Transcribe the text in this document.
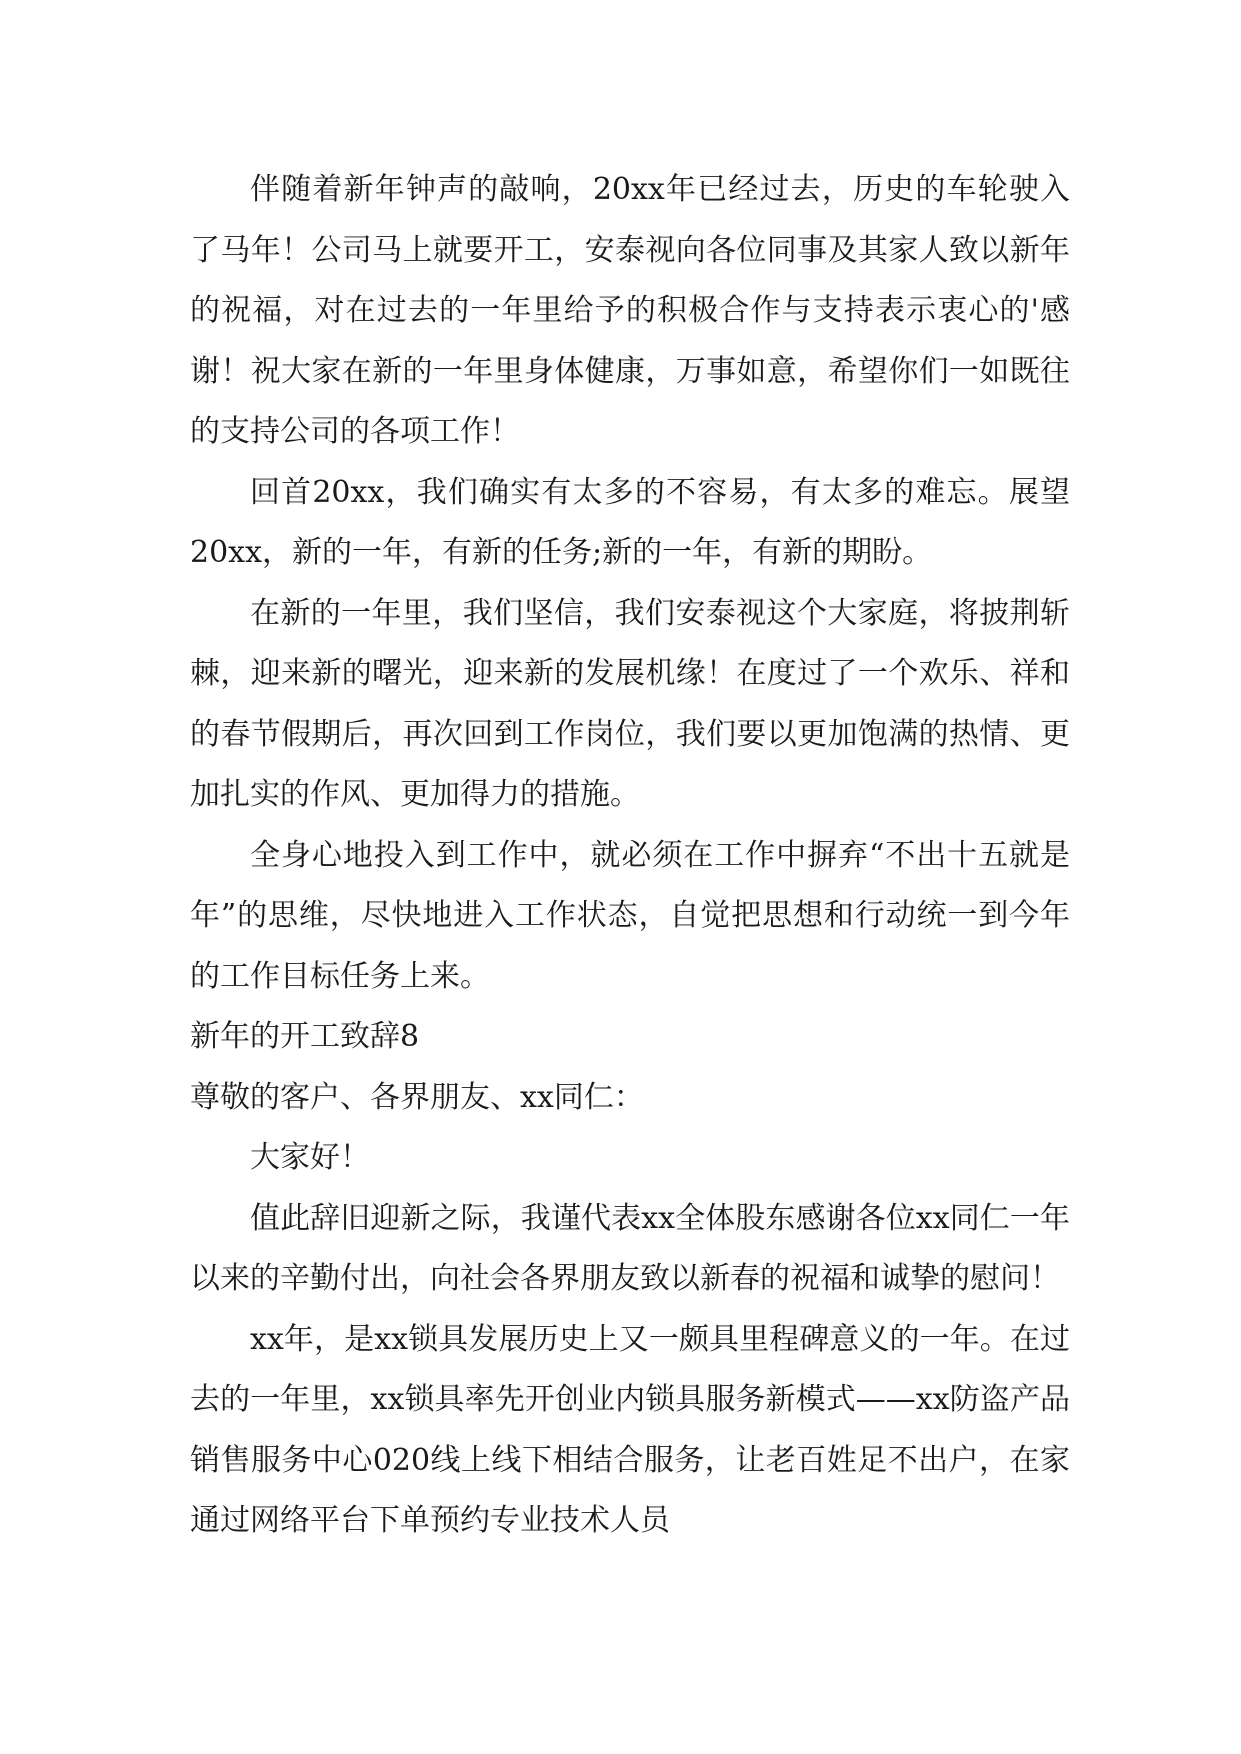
伴随着新年钟声的敲响，20xx年已经过去，历史的车轮驶入了马年！公司马上就要开工，安泰视向各位同事及其家人致以新年的祝福，对在过去的一年里给予的积极合作与支持表示衷心的'感谢！祝大家在新的一年里身体健康，万事如意，希望你们一如既往的支持公司的各项工作！

回首20xx，我们确实有太多的不容易，有太多的难忘。展望20xx，新的一年，有新的任务;新的一年，有新的期盼。

在新的一年里，我们坚信，我们安泰视这个大家庭，将披荆斩棘，迎来新的曙光，迎来新的发展机缘！在度过了一个欢乐、祥和的春节假期后，再次回到工作岗位，我们要以更加饱满的热情、更加扎实的作风、更加得力的措施。

全身心地投入到工作中，就必须在工作中摒弃“不出十五就是年”的思维，尽快地进入工作状态，自觉把思想和行动统一到今年的工作目标任务上来。

新年的开工致辞8

尊敬的客户、各界朋友、xx同仁：

大家好！

值此辞旧迎新之际，我谨代表xx全体股东感谢各位xx同仁一年以来的辛勤付出，向社会各界朋友致以新春的祝福和诚挚的慰问！

xx年，是xx锁具发展历史上又一颇具里程碑意义的一年。在过去的一年里，xx锁具率先开创业内锁具服务新模式——xx防盗产品销售服务中心020线上线下相结合服务，让老百姓足不出户，在家通过网络平台下单预约专业技术人员
